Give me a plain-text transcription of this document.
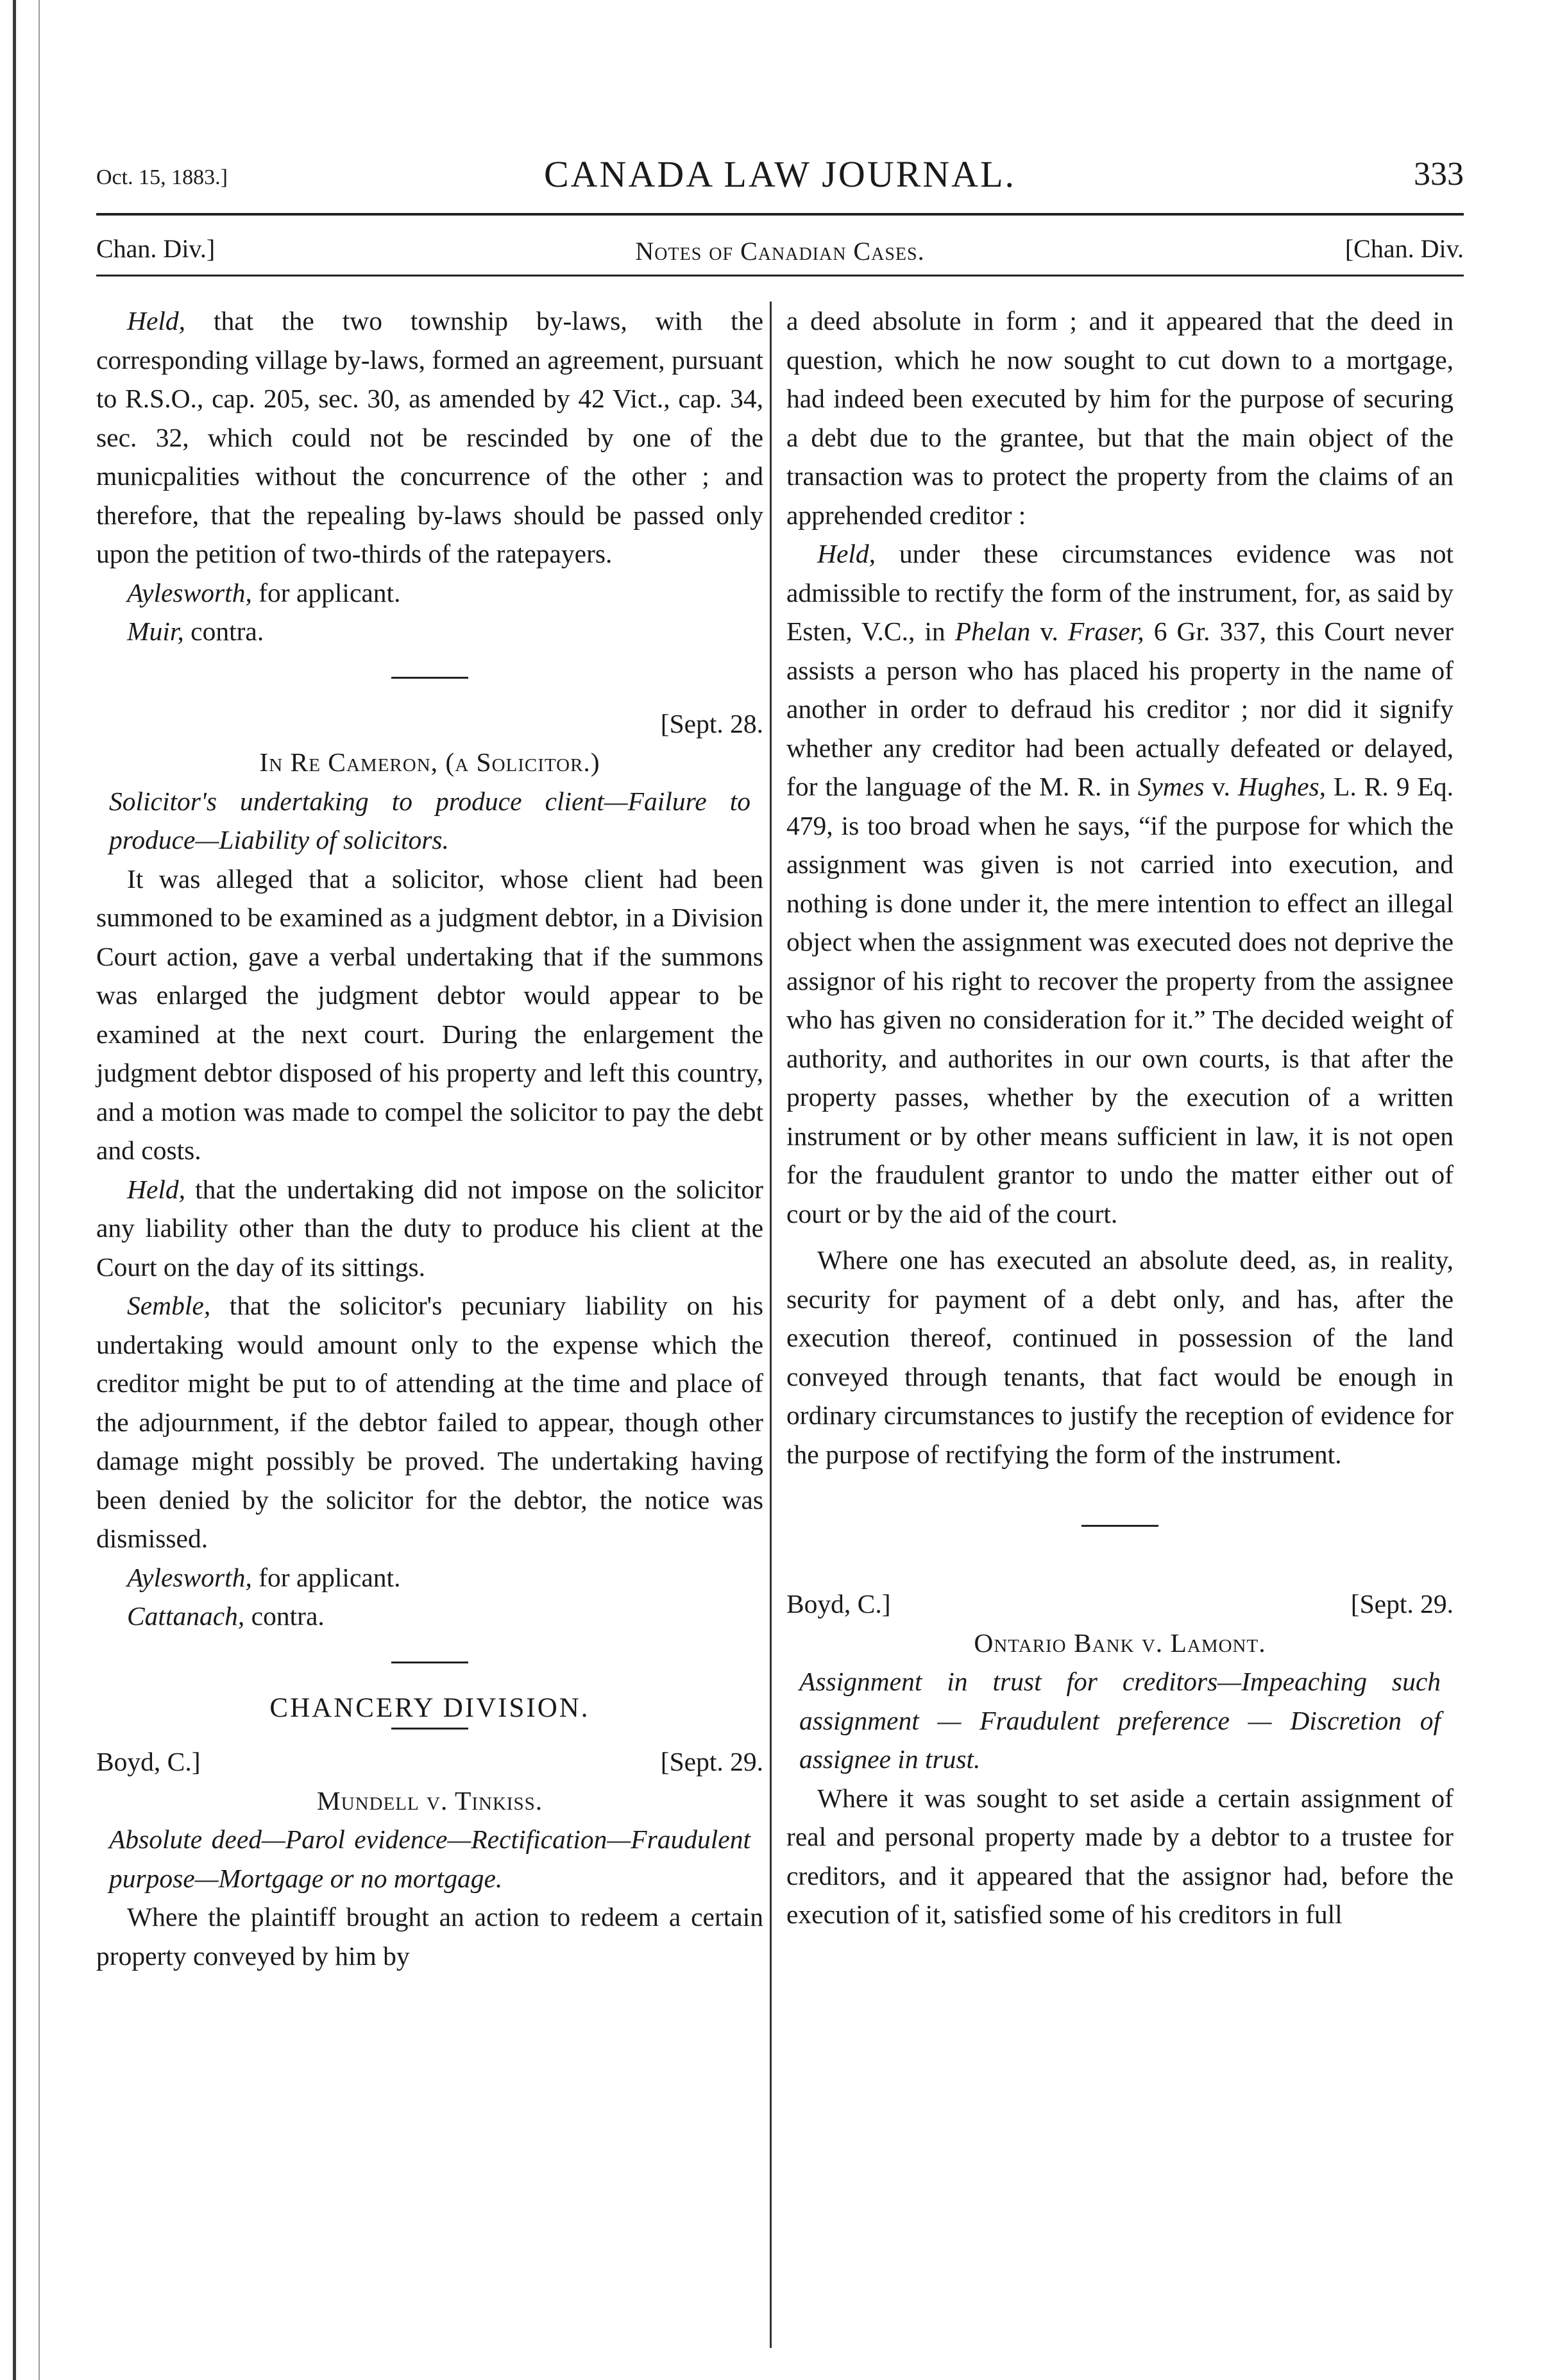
Oct. 15, 1883.]	CANADA LAW JOURNAL.	333
Chan. Div.]	Notes of Canadian Cases.	[Chan. Div.

Held, that the two township by-laws, with the corresponding village by-laws, formed an agreement, pursuant to R.S.O., cap. 205, sec. 30, as amended by 42 Vict., cap. 34, sec. 32, which could not be rescinded by one of the municpalities without the concurrence of the other ; and therefore, that the repealing by-laws should be passed only upon the petition of two-thirds of the ratepayers.

Aylesworth, for applicant.

Muir, contra.

[Sept. 28.

In Re Cameron, (a Solicitor.)

Solicitor's undertaking to produce client—Failure to produce—Liability of solicitors.

It was alleged that a solicitor, whose client had been summoned to be examined as a judgment debtor, in a Division Court action, gave a verbal undertaking that if the summons was enlarged the judgment debtor would appear to be examined at the next court. During the enlargement the judgment debtor disposed of his property and left this country, and a motion was made to compel the solicitor to pay the debt and costs.

Held, that the undertaking did not impose on the solicitor any liability other than the duty to produce his client at the Court on the day of its sittings.

Semble, that the solicitor's pecuniary liability on his undertaking would amount only to the expense which the creditor might be put to of attending at the time and place of the adjournment, if the debtor failed to appear, though other damage might possibly be proved. The undertaking having been denied by the solicitor for the debtor, the notice was dismissed.

Aylesworth, for applicant.

Cattanach, contra.

CHANCERY DIVISION.

Boyd, C.]	[Sept. 29.

Mundell v. Tinkiss.

Absolute deed—Parol evidence—Rectification—Fraudulent purpose—Mortgage or no mortgage.

Where the plaintiff brought an action to redeem a certain property conveyed by him by

a deed absolute in form ; and it appeared that the deed in question, which he now sought to cut down to a mortgage, had indeed been executed by him for the purpose of securing a debt due to the grantee, but that the main object of the transaction was to protect the property from the claims of an apprehended creditor :

Held, under these circumstances evidence was not admissible to rectify the form of the instrument, for, as said by Esten, V.C., in Phelan v. Fraser, 6 Gr. 337, this Court never assists a person who has placed his property in the name of another in order to defraud his creditor ; nor did it signify whether any creditor had been actually defeated or delayed, for the language of the M. R. in Symes v. Hughes, L. R. 9 Eq. 479, is too broad when he says, “if the purpose for which the assignment was given is not carried into execution, and nothing is done under it, the mere intention to effect an illegal object when the assignment was executed does not deprive the assignor of his right to recover the property from the assignee who has given no consideration for it.” The decided weight of authority, and authorites in our own courts, is that after the property passes, whether by the execution of a written instrument or by other means sufficient in law, it is not open for the fraudulent grantor to undo the matter either out of court or by the aid of the court.

Where one has executed an absolute deed, as, in reality, security for payment of a debt only, and has, after the execution thereof, continued in possession of the land conveyed through tenants, that fact would be enough in ordinary circumstances to justify the reception of evidence for the purpose of rectifying the form of the instrument.

Boyd, C.]	[Sept. 29.

Ontario Bank v. Lamont.

Assignment in trust for creditors—Impeaching such assignment — Fraudulent preference — Discretion of assignee in trust.

Where it was sought to set aside a certain assignment of real and personal property made by a debtor to a trustee for creditors, and it appeared that the assignor had, before the execution of it, satisfied some of his creditors in full
